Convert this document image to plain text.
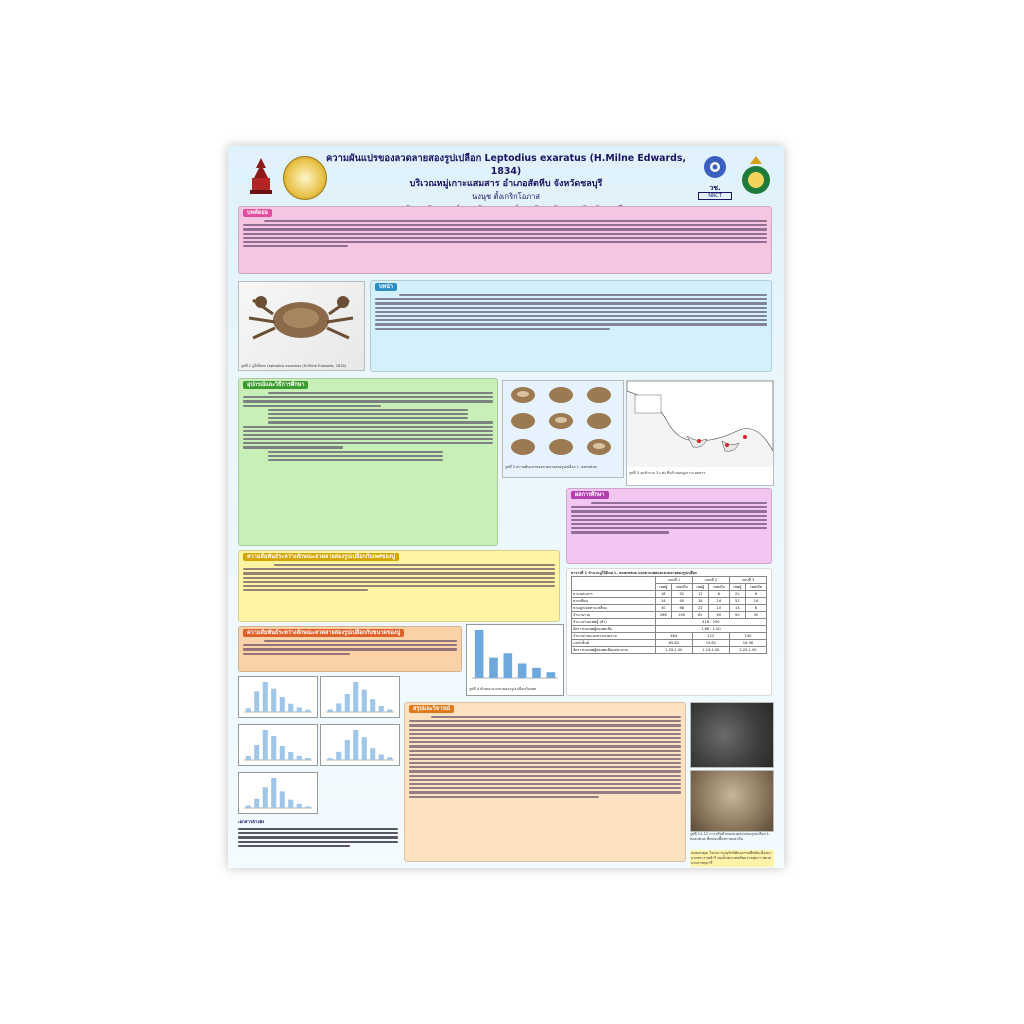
ความผันแปรของลวดลายสองรูปเปลือก Leptodius exaratus (H.Milne Edwards, 1834)
บริเวณหมู่เกาะแสมสาร อำเภอสัตหีบ จังหวัดชลบุรี
นงนุช ตั้งเกริกโอภาส
วช.
NRCT
บทคัดย่อ
รูปที่ 1 ปูใบ้ดินท Leptodius exaratus (H.Milne Edwards, 1834)
บทนำ
อุปกรณ์และวิธีการศึกษา
รูปที่ 2 ความผันแปรของลวดลายสองรูปเปลือก L. exaratus
รูปที่ 3 จุดสำรวจ 3 แห่ง ที่บริเวณหมู่เกาะแสมสาร
ผลการศึกษา
ความสัมพันธ์ระหว่างลักษณะลวดลายสองรูปเปลือกกับเพศของปู
ตารางที่ 1 จำนวนปูใบ้ดินท L. exaratus แยกตามเพศและลวดลายสองรูปเปลือก
	แบบที่ 1		แบบที่ 2		แบบที่ 3	
	เพศผู้	เพศเมีย	เพศผู้	เพศเมีย	เพศผู้	เพศเมีย
หาดแสมสาร	18	52	12	8	22	6
หาดเทียน	14	40	18	24	52	16
หาดดูกเคยสามเหลี่ยม	30	68	22	10	14	8
จำนวนรวม	266	200	62	60	90	30
จำนวนรวมเพศผู้ (ตัว)	418 : 290					
อัตราส่วนเพศผู้ต่อเพศเมีย	1.66 : 1.00					
จำนวนรวมแยกตามลวดลาย	464		112		130	
เปอร์เซ็นต์	65.82		15.82		18.36	
อัตราส่วนเพศผู้ต่อเพศเมียแต่ละแบบ	1.33:1.00		1.24:1.00		2.25:1.00	
ความสัมพันธ์ระหว่างลักษณะลวดลายสองรูปเปลือกกับขนาดของปู
รูปที่ 4 ลักษณะลวดลายสองรูปเปลือกกับเพศ
เอกสารอ้างอิง
สรุปและวิจารณ์
รูปที่ 11-12 การปรับตัวของลวดลายสองรูปเปลือก L. exaratus ที่พบบนพื้นทรายและหิน
ขอขอบคุณ โครงการอนุรักษ์พันธุกรรมพืชอันเนื่องมาจากพระราชดำริ สมเด็จพระเทพรัตนราชสุดาฯ สยามบรมราชกุมารี
